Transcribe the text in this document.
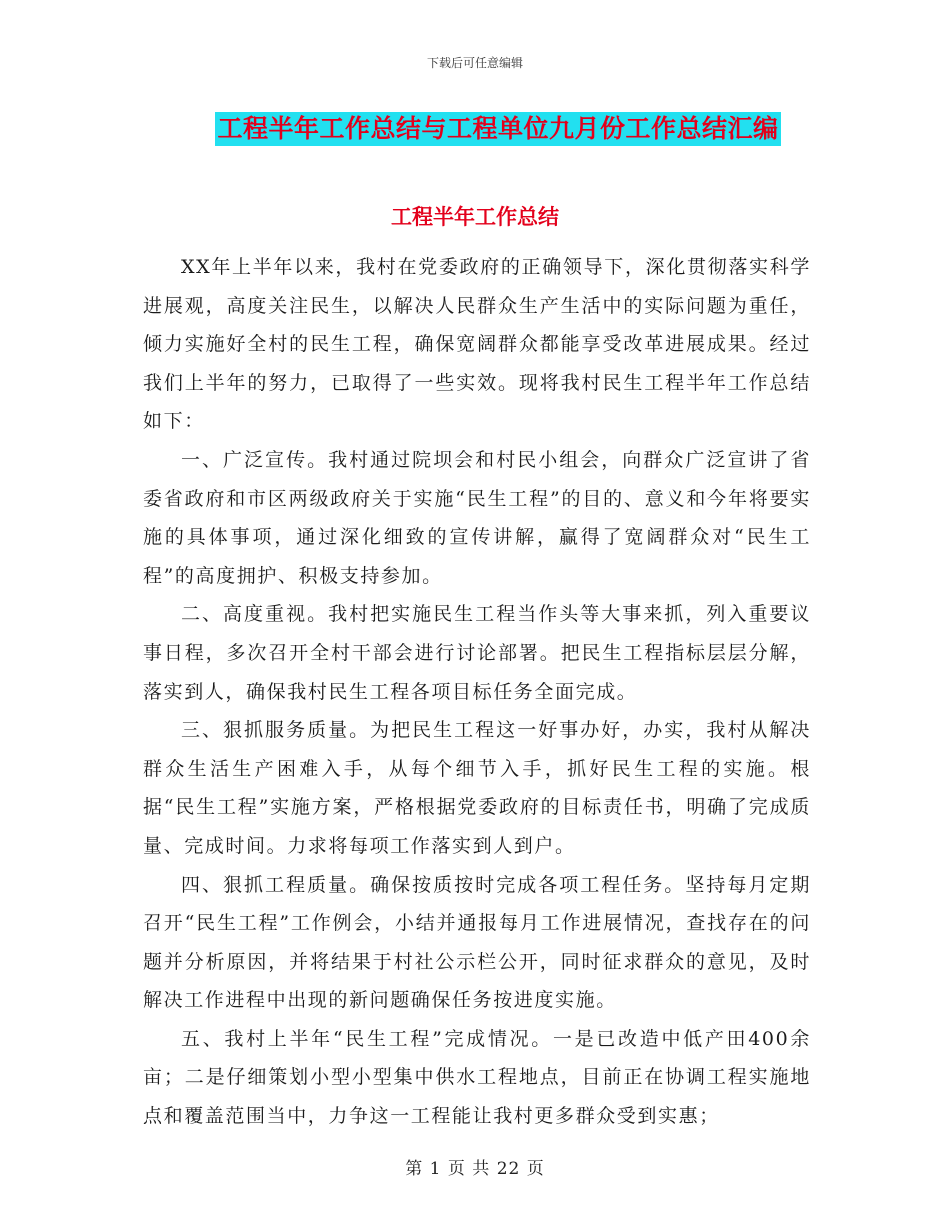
下载后可任意编辑
工程半年工作总结与工程单位九月份工作总结汇编
工程半年工作总结

XX年上半年以来，我村在党委政府的正确领导下，深化贯彻落实科学进展观，高度关注民生，以解决人民群众生产生活中的实际问题为重任，倾力实施好全村的民生工程，确保宽阔群众都能享受改革进展成果。经过我们上半年的努力，已取得了一些实效。现将我村民生工程半年工作总结如下：

一、广泛宣传。我村通过院坝会和村民小组会，向群众广泛宣讲了省委省政府和市区两级政府关于实施“民生工程”的目的、意义和今年将要实施的具体事项，通过深化细致的宣传讲解，赢得了宽阔群众对“民生工程”的高度拥护、积极支持参加。

二、高度重视。我村把实施民生工程当作头等大事来抓，列入重要议事日程，多次召开全村干部会进行讨论部署。把民生工程指标层层分解，落实到人，确保我村民生工程各项目标任务全面完成。

三、狠抓服务质量。为把民生工程这一好事办好，办实，我村从解决群众生活生产困难入手，从每个细节入手，抓好民生工程的实施。根据“民生工程”实施方案，严格根据党委政府的目标责任书，明确了完成质量、完成时间。力求将每项工作落实到人到户。

四、狠抓工程质量。确保按质按时完成各项工程任务。坚持每月定期召开“民生工程”工作例会，小结并通报每月工作进展情况，查找存在的问题并分析原因，并将结果于村社公示栏公开，同时征求群众的意见，及时解决工作进程中出现的新问题确保任务按进度实施。

五、我村上半年“民生工程”完成情况。一是已改造中低产田400余亩；二是仔细策划小型小型集中供水工程地点，目前正在协调工程实施地点和覆盖范围当中，力争这一工程能让我村更多群众受到实惠；

第 1 页 共 22 页
